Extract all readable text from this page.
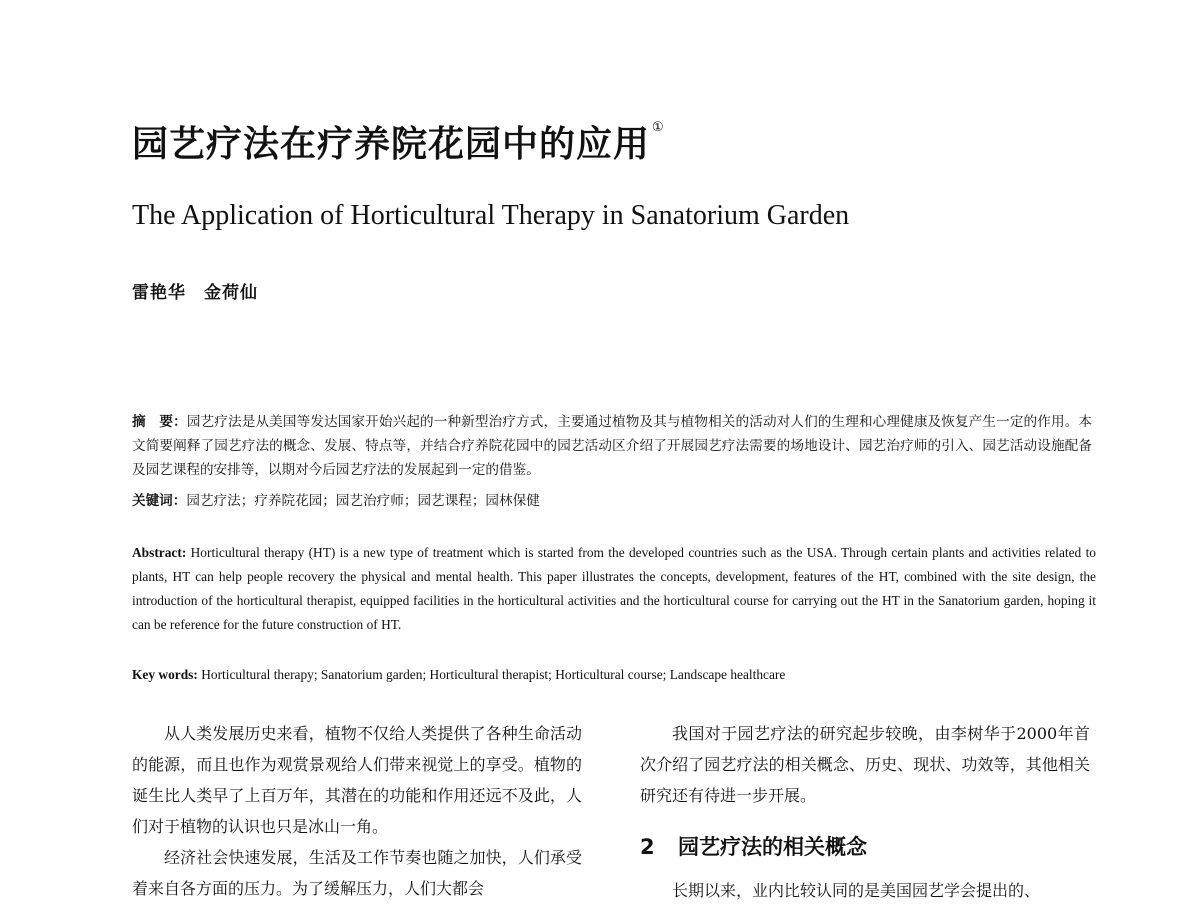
园艺疗法在疗养院花园中的应用 ①
The Application of Horticultural Therapy in Sanatorium Garden
雷艳华 金荷仙

摘　要：园艺疗法是从美国等发达国家开始兴起的一种新型治疗方式，主要通过植物及其与植物相关的活动对人们的生理和心理健康及恢复产生一定的作用。本文简要阐释了园艺疗法的概念、发展、特点等，并结合疗养院花园中的园艺活动区介绍了开展园艺疗法需要的场地设计、园艺治疗师的引入、园艺活动设施配备及园艺课程的安排等，以期对今后园艺疗法的发展起到一定的借鉴。

关键词：园艺疗法；疗养院花园；园艺治疗师；园艺课程；园林保健

Abstract: Horticultural therapy (HT) is a new type of treatment which is started from the developed countries such as the USA. Through certain plants and activities related to plants, HT can help people recovery the physical and mental health. This paper illustrates the concepts, development, features of the HT, combined with the site design, the introduction of the horticultural therapist, equipped facilities in the horticultural activities and the horticultural course for carrying out the HT in the Sanatorium garden, hoping it can be reference for the future construction of HT.

Key words: Horticultural therapy; Sanatorium garden; Horticultural therapist; Horticultural course; Landscape healthcare

从人类发展历史来看，植物不仅给人类提供了各种生命活动的能源，而且也作为观赏景观给人们带来视觉上的享受。植物的诞生比人类早了上百万年，其潜在的功能和作用还远不及此，人们对于植物的认识也只是冰山一角。

经济社会快速发展，生活及工作节奏也随之加快，人们承受着来自各方面的压力。为了缓解压力，人们大都会

我国对于园艺疗法的研究起步较晚，由李树华于2000年首次介绍了园艺疗法的相关概念、历史、现状、功效等，其他相关研究还有待进一步开展。

2 园艺疗法的相关概念

长期以来，业内比较认同的是美国园艺学会提出的、
